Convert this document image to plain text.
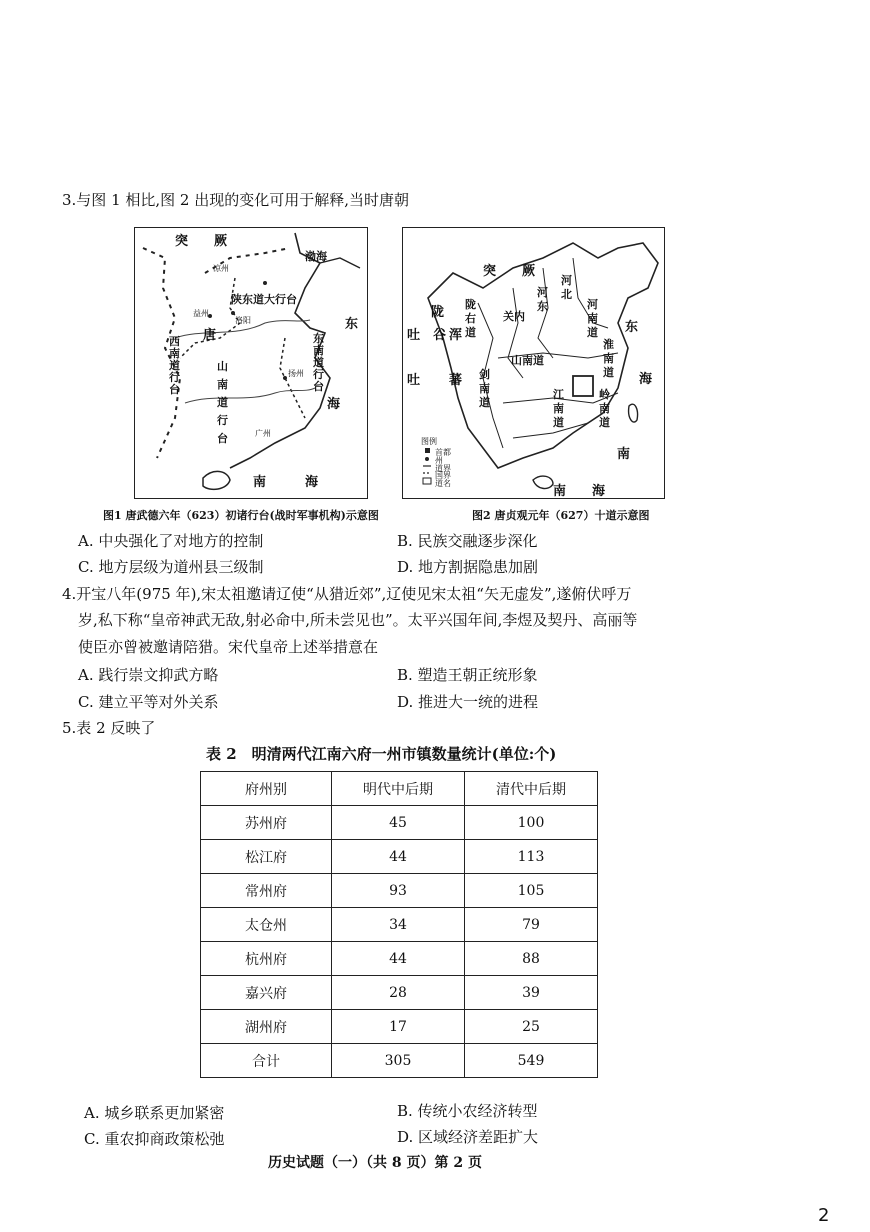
3.与图 1 相比,图 2 出现的变化可用于解释,当时唐朝
突　　厥
渤海
陕东道大行台
唐
西南道行台
山南道行台
东南道行台
东
海
南　　　海
凉州
洛阳
扬州
益州
广州
突　　厥
陇
吐　谷 浑
吐 蕃
陇右道
关内
河东
河北
河南道
山南道
剑南道
淮南道
江南道
岭南道
东
海
南
南　　海
图例
首都
州
道界
国界
道名
图1 唐武德六年（623）初诸行台(战时军事机构)示意图	图2 唐贞观元年（627）十道示意图
A. 中央强化了对地方的控制	B. 民族交融逐步深化
C. 地方层级为道州县三级制	D. 地方割据隐患加剧
4.开宝八年(975 年),宋太祖邀请辽使“从猎近郊”,辽使见宋太祖“矢无虚发”,遂俯伏呼万
岁,私下称“皇帝神武无敌,射必命中,所未尝见也”。太平兴国年间,李煜及契丹、高丽等
使臣亦曾被邀请陪猎。宋代皇帝上述举措意在
A. 践行崇文抑武方略	B. 塑造王朝正统形象
C. 建立平等对外关系	D. 推进大一统的进程
5.表 2 反映了
表 2　明清两代江南六府一州市镇数量统计(单位:个)
府州别	明代中后期	清代中后期
苏州府	45	100
松江府	44	113
常州府	93	105
太仓州	34	79
杭州府	44	88
嘉兴府	28	39
湖州府	17	25
合计	305	549
A. 城乡联系更加紧密	B. 传统小农经济转型
C. 重农抑商政策松弛	D. 区域经济差距扩大
历史试题（一）（共 8 页）第 2 页
2
